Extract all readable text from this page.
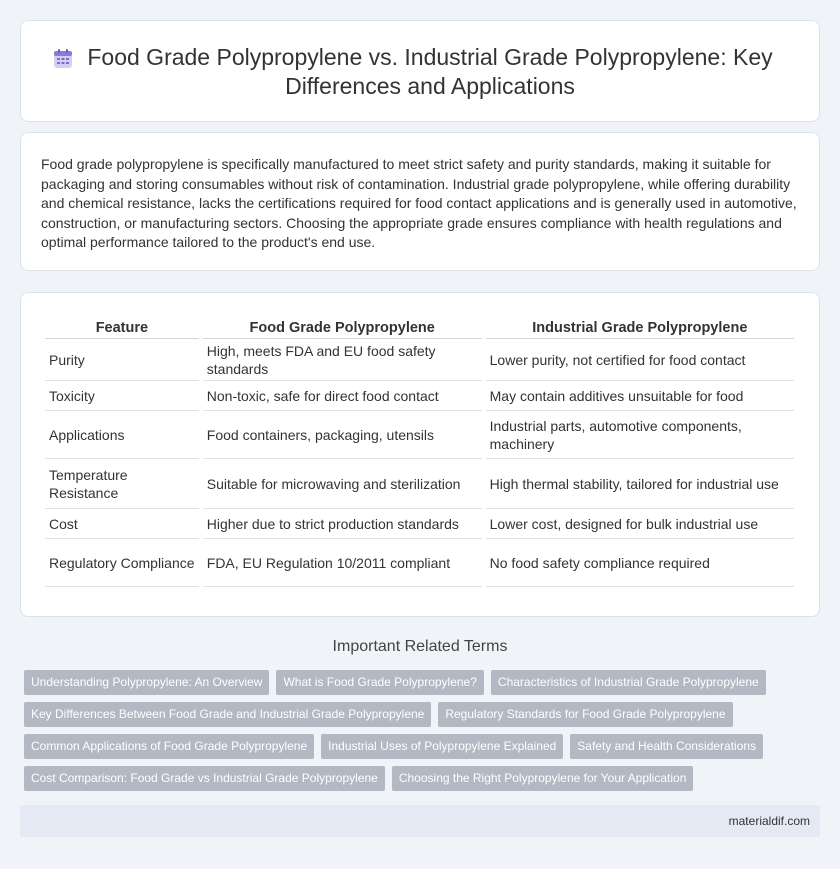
Food Grade Polypropylene vs. Industrial Grade Polypropylene: Key Differences and Applications

Food grade polypropylene is specifically manufactured to meet strict safety and purity standards, making it suitable for packaging and storing consumables without risk of contamination. Industrial grade polypropylene, while offering durability and chemical resistance, lacks the certifications required for food contact applications and is generally used in automotive, construction, or manufacturing sectors. Choosing the appropriate grade ensures compliance with health regulations and optimal performance tailored to the product's end use.

Feature	Food Grade Polypropylene	Industrial Grade Polypropylene
Purity	High, meets FDA and EU food safety standards	Lower purity, not certified for food contact
Toxicity	Non-toxic, safe for direct food contact	May contain additives unsuitable for food
Applications	Food containers, packaging, utensils	Industrial parts, automotive components, machinery
Temperature Resistance	Suitable for microwaving and sterilization	High thermal stability, tailored for industrial use
Cost	Higher due to strict production standards	Lower cost, designed for bulk industrial use
Regulatory Compliance	FDA, EU Regulation 10/2011 compliant	No food safety compliance required
Important Related Terms
Understanding Polypropylene: An Overview	What is Food Grade Polypropylene?	Characteristics of Industrial Grade Polypropylene
Key Differences Between Food Grade and Industrial Grade Polypropylene	Regulatory Standards for Food Grade Polypropylene
Common Applications of Food Grade Polypropylene	Industrial Uses of Polypropylene Explained	Safety and Health Considerations
Cost Comparison: Food Grade vs Industrial Grade Polypropylene	Choosing the Right Polypropylene for Your Application
materialdif.com
